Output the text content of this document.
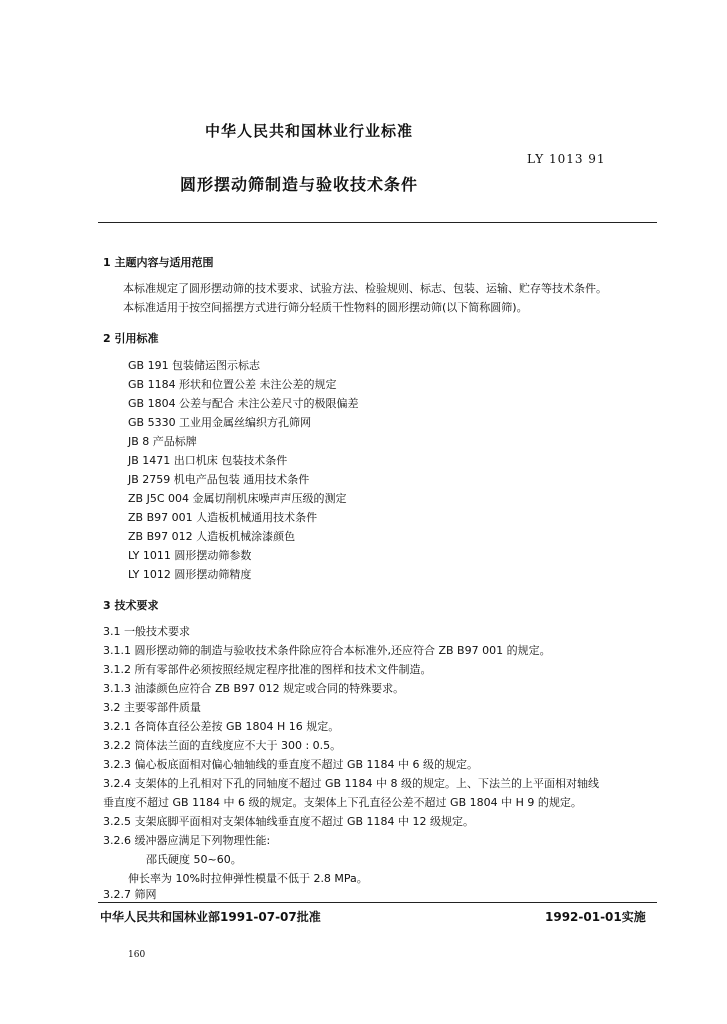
中华人民共和国林业行业标准
LY 1013 91
圆形摆动筛制造与验收技术条件
1 主题内容与适用范围
本标准规定了圆形摆动筛的技术要求、试验方法、检验规则、标志、包装、运输、贮存等技术条件。
本标准适用于按空间摇摆方式进行筛分轻质干性物料的圆形摆动筛(以下简称圆筛)。
2 引用标准
GB 191 包装储运图示标志
GB 1184 形状和位置公差 未注公差的规定
GB 1804 公差与配合 未注公差尺寸的极限偏差
GB 5330 工业用金属丝编织方孔筛网
JB 8 产品标牌
JB 1471 出口机床 包装技术条件
JB 2759 机电产品包装 通用技术条件
ZB J5C 004 金属切削机床噪声声压级的测定
ZB B97 001 人造板机械通用技术条件
ZB B97 012 人造板机械涂漆颜色
LY 1011 圆形摆动筛参数
LY 1012 圆形摆动筛精度
3 技术要求
3.1 一般技术要求
3.1.1 圆形摆动筛的制造与验收技术条件除应符合本标准外,还应符合 ZB B97 001 的规定。
3.1.2 所有零部件必须按照经规定程序批准的图样和技术文件制造。
3.1.3 油漆颜色应符合 ZB B97 012 规定或合同的特殊要求。
3.2 主要零部件质量
3.2.1 各筒体直径公差按 GB 1804 H 16 规定。
3.2.2 筒体法兰面的直线度应不大于 300 : 0.5。
3.2.3 偏心板底面相对偏心轴轴线的垂直度不超过 GB 1184 中 6 级的规定。
3.2.4 支架体的上孔相对下孔的同轴度不超过 GB 1184 中 8 级的规定。上、下法兰的上平面相对轴线
垂直度不超过 GB 1184 中 6 级的规定。支架体上下孔直径公差不超过 GB 1804 中 H 9 的规定。
3.2.5 支架底脚平面相对支架体轴线垂直度不超过 GB 1184 中 12 级规定。
3.2.6 缓冲器应满足下列物理性能:
邵氏硬度 50~60。
伸长率为 10%时拉伸弹性模量不低于 2.8 MPa。
3.2.7 筛网
中华人民共和国林业部1991-07-07批准	1992-01-01实施
160
